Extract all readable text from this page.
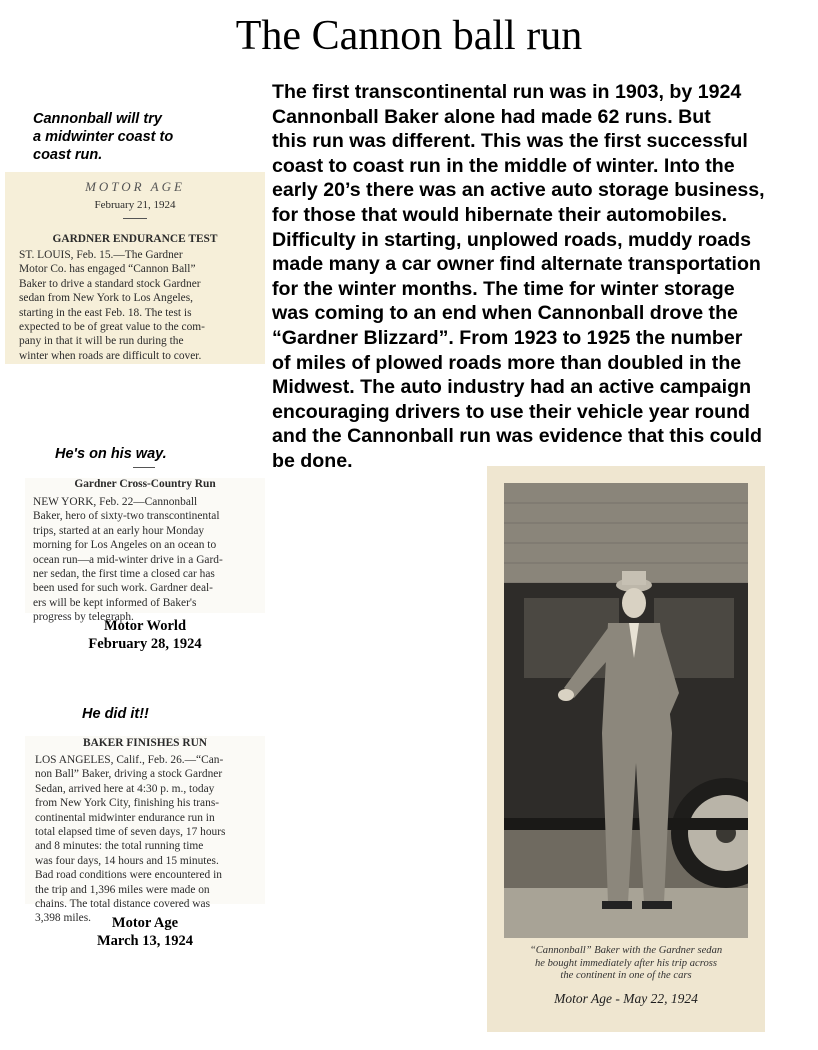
The Cannon ball run
The first transcontinental run was in 1903, by 1924
Cannonball Baker alone had made 62 runs. But
this run was different. This was the first successful
coast to coast run in the middle of winter. Into the
early 20’s there was an active auto storage business,
for those that would hibernate their automobiles.
Difficulty in starting, unplowed roads, muddy roads
made many a car owner find alternate transportation
for the winter months. The time for winter storage
was coming to an end when Cannonball drove the
“Gardner Blizzard”. From 1923 to 1925 the number
of miles of plowed roads more than doubled in the
Midwest. The auto industry had an active campaign
encouraging drivers to use their vehicle year round
and the Cannonball run was evidence that this could
be done.
Cannonball will try
a midwinter coast to
coast run.
MOTOR AGE
February 21, 1924
GARDNER ENDURANCE TEST
ST. LOUIS, Feb. 15.—The Gardner
Motor Co. has engaged “Cannon Ball”
Baker to drive a standard stock Gardner
sedan from New York to Los Angeles,
starting in the east Feb. 18. The test is
expected to be of great value to the com-
pany in that it will be run during the
winter when roads are difficult to cover.
He's on his way.
Gardner Cross-Country Run
NEW YORK, Feb. 22—Cannonball
Baker, hero of sixty-two transcontinental
trips, started at an early hour Monday
morning for Los Angeles on an ocean to
ocean run—a mid-winter drive in a Gard-
ner sedan, the first time a closed car has
been used for such work. Gardner deal-
ers will be kept informed of Baker's
progress by telegraph.
Motor World
February 28, 1924
He did it!!
BAKER FINISHES RUN
LOS ANGELES, Calif., Feb. 26.—“Can-
non Ball” Baker, driving a stock Gardner
Sedan, arrived here at 4:30 p. m., today
from New York City, finishing his trans-
continental midwinter endurance run in
total elapsed time of seven days, 17 hours
and 8 minutes: the total running time
was four days, 14 hours and 15 minutes.
Bad road conditions were encountered in
the trip and 1,396 miles were made on
chains. The total distance covered was
3,398 miles.	Motor Age
March 13, 1924
“Cannonball” Baker with the Gardner sedan
he bought immediately after his trip across
the continent in one of the cars
Motor Age - May 22, 1924
